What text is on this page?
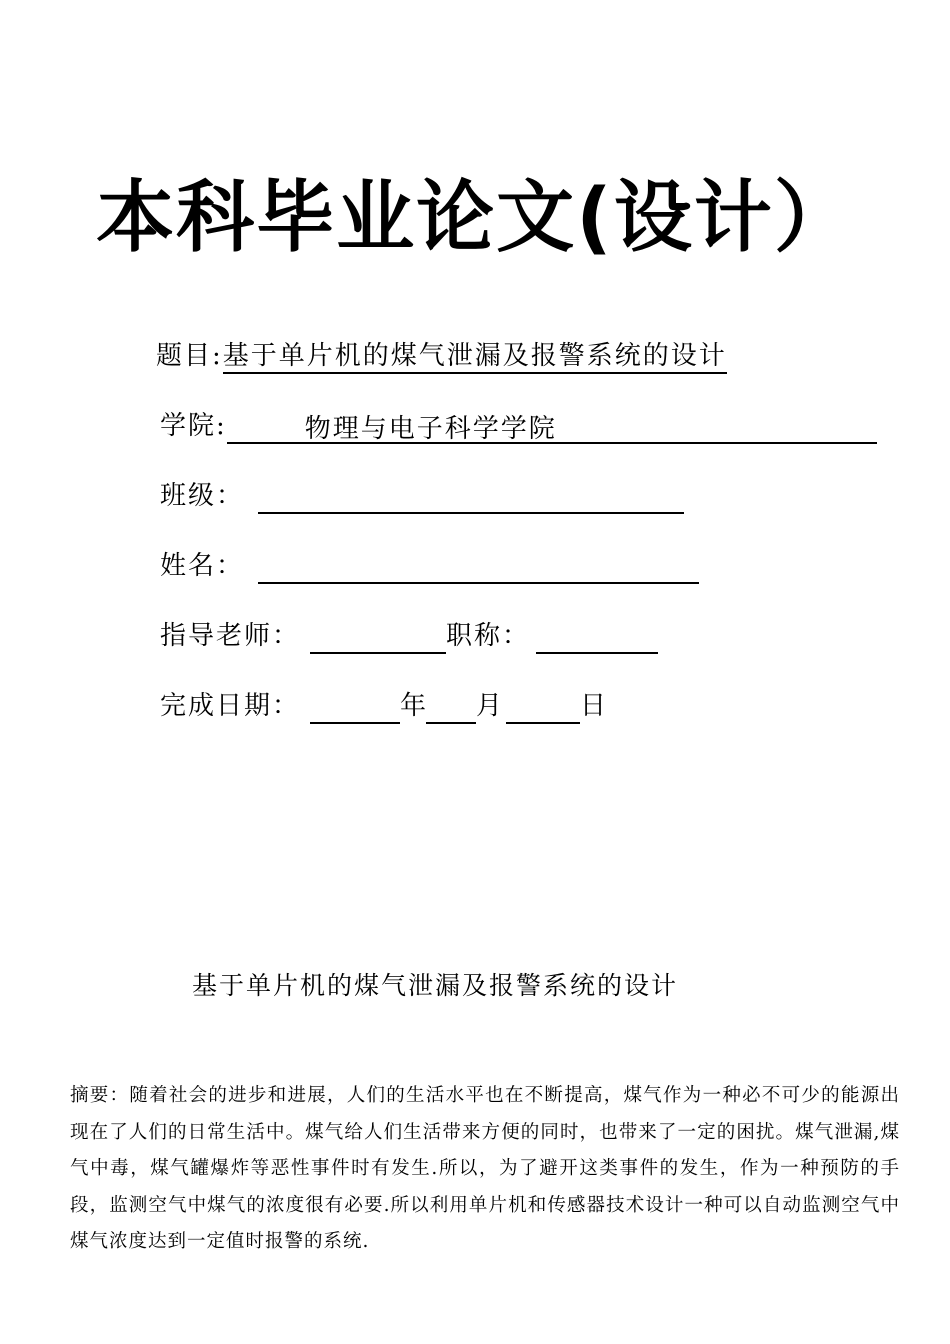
本科毕业论文(设计）
题目: 基于单片机的煤气泄漏及报警系统的设计
学院:	物理与电子科学学院
班级：
姓名：
指导老师：	职称：
完成日期：	年 月	日
基于单片机的煤气泄漏及报警系统的设计

摘要：随着社会的进步和进展，人们的生活水平也在不断提高，煤气作为一种必不可少的能源出现在了人们的日常生活中。煤气给人们生活带来方便的同时，也带来了一定的困扰。煤气泄漏,煤气中毒，煤气罐爆炸等恶性事件时有发生.所以，为了避开这类事件的发生，作为一种预防的手段，监测空气中煤气的浓度很有必要.所以利用单片机和传感器技术设计一种可以自动监测空气中煤气浓度达到一定值时报警的系统.
